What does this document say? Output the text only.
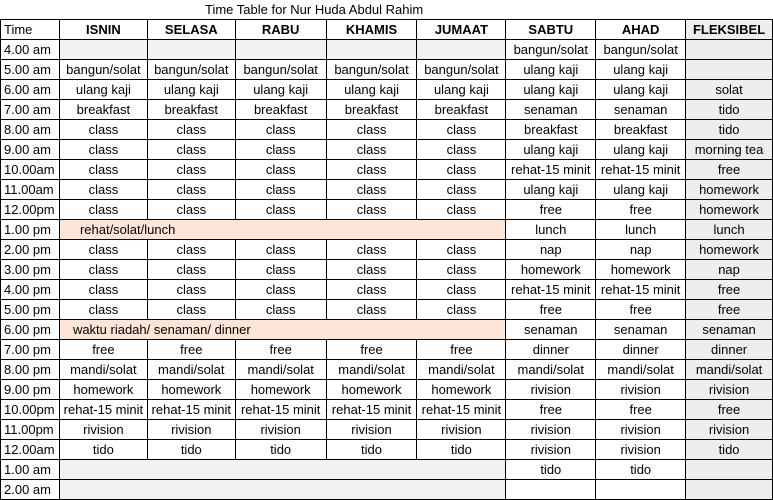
Time Table for Nur Huda Abdul Rahim
Time	ISNIN	SELASA	RABU	KHAMIS	JUMAAT	SABTU	AHAD	FLEKSIBEL
4.00 am						bangun/solat	bangun/solat	
5.00 am	bangun/solat	bangun/solat	bangun/solat	bangun/solat	bangun/solat	ulang kaji	ulang kaji	
6.00 am	ulang kaji	ulang kaji	ulang kaji	ulang kaji	ulang kaji	ulang kaji	ulang kaji	solat
7.00 am	breakfast	breakfast	breakfast	breakfast	breakfast	senaman	senaman	tido
8.00 am	class	class	class	class	class	breakfast	breakfast	tido
9.00 am	class	class	class	class	class	ulang kaji	ulang kaji	morning tea
10.00am	class	class	class	class	class	rehat-15 minit	rehat-15 minit	free
11.00am	class	class	class	class	class	ulang kaji	ulang kaji	homework
12.00pm	class	class	class	class	class	free	free	homework
1.00 pm	rehat/solat/lunch					lunch	lunch	lunch
2.00 pm	class	class	class	class	class	nap	nap	homework
3.00 pm	class	class	class	class	class	homework	homework	nap
4.00 pm	class	class	class	class	class	rehat-15 minit	rehat-15 minit	free
5.00 pm	class	class	class	class	class	free	free	free
6.00 pm	waktu riadah/ senaman/ dinner					senaman	senaman	senaman
7.00 pm	free	free	free	free	free	dinner	dinner	dinner
8.00 pm	mandi/solat	mandi/solat	mandi/solat	mandi/solat	mandi/solat	mandi/solat	mandi/solat	mandi/solat
9.00 pm	homework	homework	homework	homework	homework	rivision	rivision	rivision
10.00pm	rehat-15 minit	rehat-15 minit	rehat-15 minit	rehat-15 minit	rehat-15 minit	free	free	free
11.00pm	rivision	rivision	rivision	rivision	rivision	rivision	rivision	rivision
12.00am	tido	tido	tido	tido	tido	rivision	rivision	tido
1.00 am						tido	tido	
2.00 am								
